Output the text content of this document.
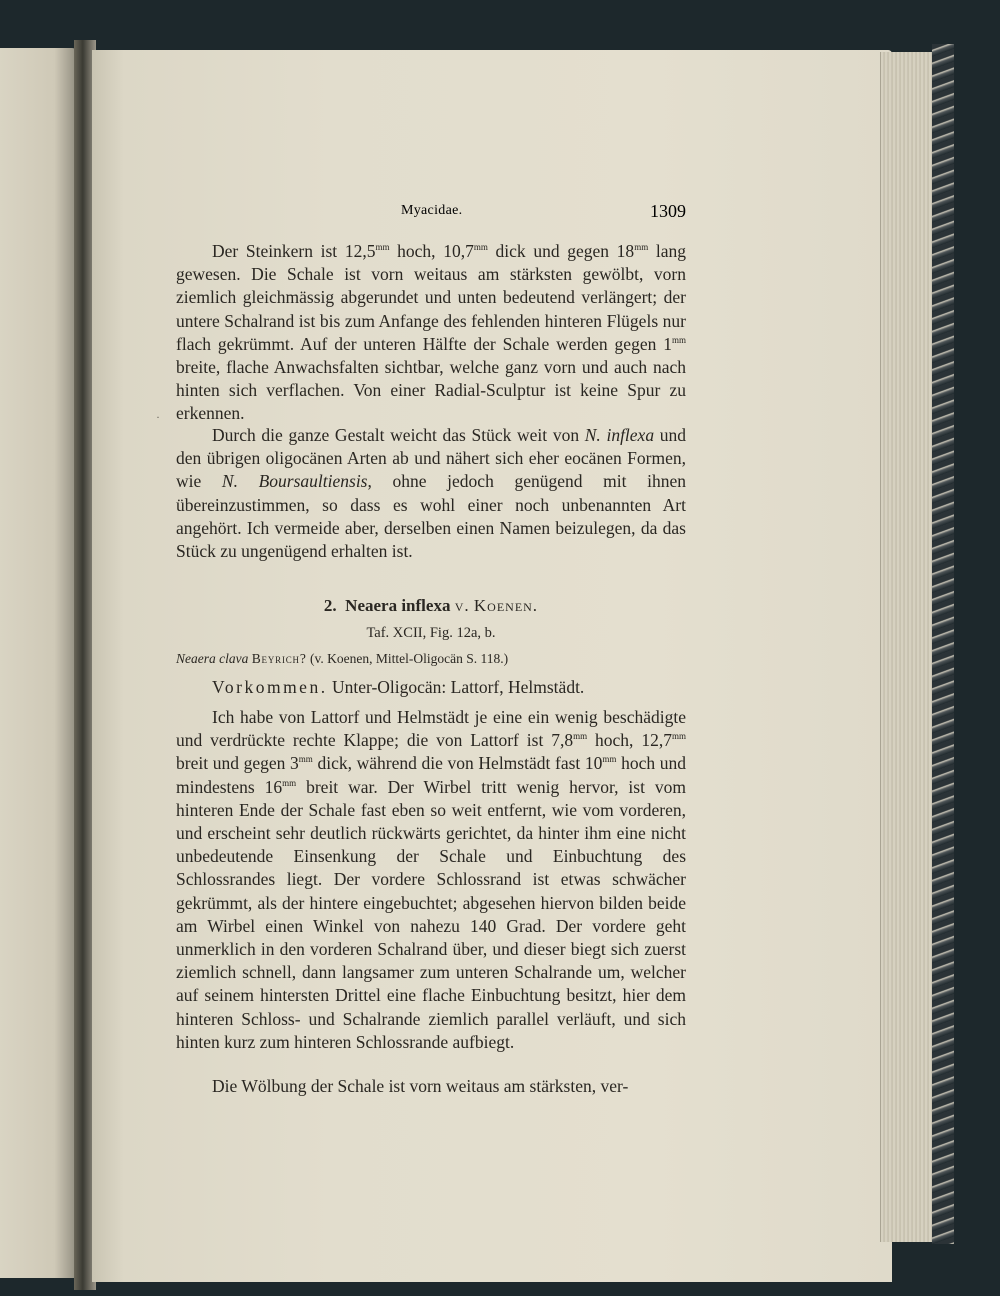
Myacidae.	1309

Der Steinkern ist $12,5^{mm}$ hoch, $10,7^{mm}$ dick und gegen $18^{mm}$ lang gewesen. Die Schale ist vorn weitaus am stärksten gewölbt, vorn ziemlich gleichmässig abgerundet und unten bedeutend verlängert; der untere Schalrand ist bis zum Anfange des fehlenden hinteren Flügels nur flach gekrümmt. Auf der unteren Hälfte der Schale werden gegen $1^{mm}$ breite, flache Anwachsfalten sichtbar, welche ganz vorn und auch nach hinten sich verflachen. Von einer Radial-Sculptur ist keine Spur zu erkennen.

·

Durch die ganze Gestalt weicht das Stück weit von N. inflexa und den übrigen oligocänen Arten ab und nähert sich eher eocänen Formen, wie N. Boursaultiensis, ohne jedoch genügend mit ihnen übereinzustimmen, so dass es wohl einer noch unbenannten Art angehört. Ich vermeide aber, derselben einen Namen beizulegen, da das Stück zu ungenügend erhalten ist.

2. Neaera inflexa v. Koenen.
Taf. XCII, Fig. 12a, b.
Neaera clava Beyrich? (v. Koenen, Mittel-Oligocän S. 118.)
Vorkommen. Unter-Oligocän: Lattorf, Helmstädt.

Ich habe von Lattorf und Helmstädt je eine ein wenig beschädigte und verdrückte rechte Klappe; die von Lattorf ist $7,8^{mm}$ hoch, $12,7^{mm}$ breit und gegen $3^{mm}$ dick, während die von Helmstädt fast $10^{mm}$ hoch und mindestens $16^{mm}$ breit war. Der Wirbel tritt wenig hervor, ist vom hinteren Ende der Schale fast eben so weit entfernt, wie vom vorderen, und erscheint sehr deutlich rückwärts gerichtet, da hinter ihm eine nicht unbedeutende Einsenkung der Schale und Einbuchtung des Schlossrandes liegt. Der vordere Schlossrand ist etwas schwächer gekrümmt, als der hintere eingebuchtet; abgesehen hiervon bilden beide am Wirbel einen Winkel von nahezu 140 Grad. Der vordere geht unmerklich in den vorderen Schalrand über, und dieser biegt sich zuerst ziemlich schnell, dann langsamer zum unteren Schalrande um, welcher auf seinem hintersten Drittel eine flache Einbuchtung besitzt, hier dem hinteren Schloss- und Schalrande ziemlich parallel verläuft, und sich hinten kurz zum hinteren Schlossrande aufbiegt.

Die Wölbung der Schale ist vorn weitaus am stärksten, ver-
